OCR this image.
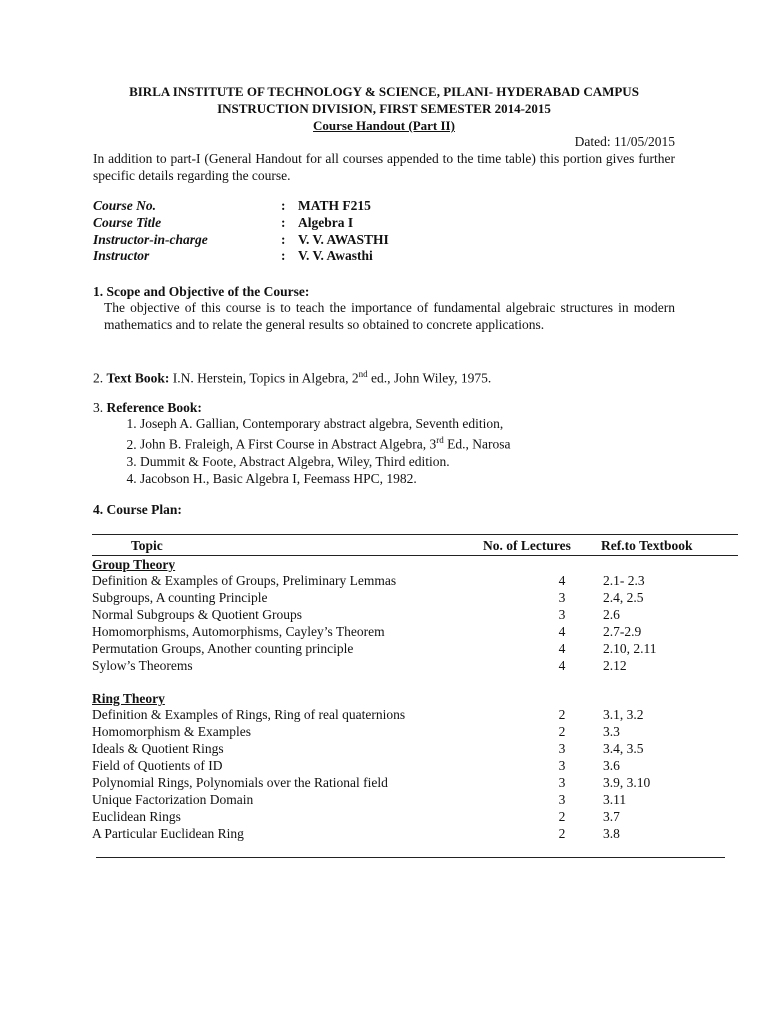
BIRLA INSTITUTE OF TECHNOLOGY & SCIENCE, PILANI- HYDERABAD CAMPUS
INSTRUCTION DIVISION, FIRST SEMESTER 2014-2015
Course Handout (Part II)
Dated: 11/05/2015
In addition to part-I (General Handout for all courses appended to the time table) this portion gives further specific details regarding the course.
Course No.	: MATH F215
Course Title	: Algebra I
Instructor-in-charge	: V. V. AWASTHI
Instructor	: V. V. Awasthi
1. Scope and Objective of the Course:
The objective of this course is to teach the importance of fundamental algebraic structures in modern mathematics and to relate the general results so obtained to concrete applications.
2. Text Book: I.N. Herstein, Topics in Algebra, 2nd ed., John Wiley, 1975.
3. Reference Book:
1. Joseph A. Gallian, Contemporary abstract algebra, Seventh edition,
2. John B. Fraleigh, A First Course in Abstract Algebra, 3rd Ed., Narosa
3. Dummit & Foote, Abstract Algebra, Wiley, Third edition.
4. Jacobson H., Basic Algebra I, Feemass HPC, 1982.
4. Course Plan:
Topic	No. of Lectures Ref.to Textbook
Group Theory
Definition & Examples of Groups, Preliminary Lemmas	4	2.1- 2.3
Subgroups, A counting Principle	3	2.4, 2.5
Normal Subgroups & Quotient Groups	3	2.6
Homomorphisms, Automorphisms, Cayley’s Theorem	4	2.7-2.9
Permutation Groups, Another counting principle	4	2.10, 2.11
Sylow’s Theorems	4	2.12
Ring Theory
Definition & Examples of Rings, Ring of real quaternions	2	3.1, 3.2
Homomorphism & Examples	2	3.3
Ideals & Quotient Rings	3	3.4, 3.5
Field of Quotients of ID	3	3.6
Polynomial Rings, Polynomials over the Rational field	3	3.9, 3.10
Unique Factorization Domain	3	3.11
Euclidean Rings	2	3.7
A Particular Euclidean Ring	2	3.8
